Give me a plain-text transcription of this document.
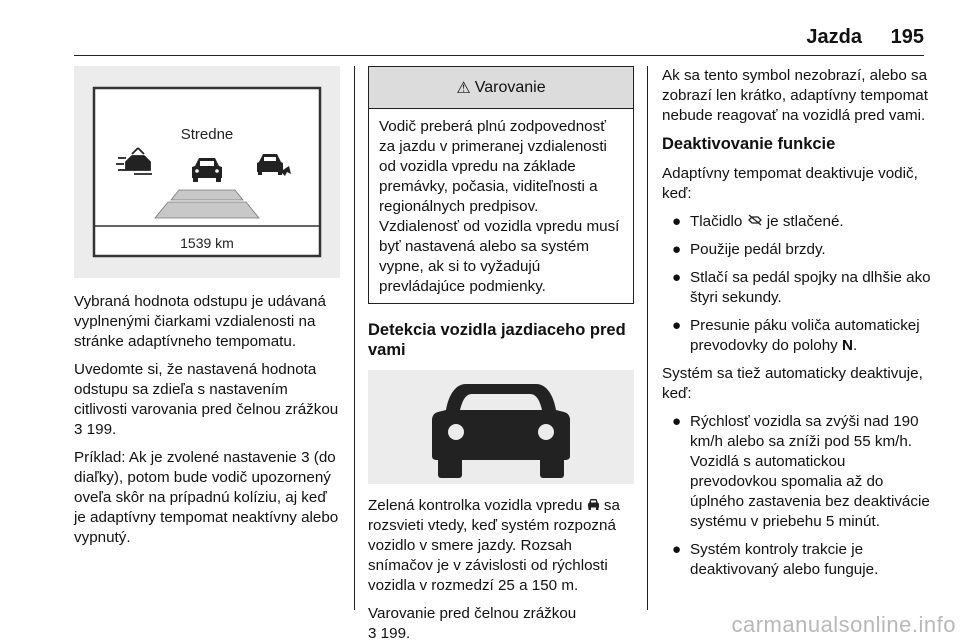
Jazda 195
Stredne
1539 km

Vybraná hodnota odstupu je udávaná vyplnenými čiarkami vzdialenosti na stránke adaptívneho tempomatu.

Uvedomte si, že nastavená hodnota odstupu sa zdieľa s nastavením citlivosti varovania pred čelnou zrážkou 3 199.

Príklad: Ak je zvolené nastavenie 3 (do diaľky), potom bude vodič upozornený oveľa skôr na prípadnú kolíziu, aj keď je adaptívny tempomat neaktívny alebo vypnutý.

⚠ Varovanie

Vodič preberá plnú zodpovednosť za jazdu v primeranej vzdialenosti od vozidla vpredu na základe premávky, počasia, viditeľnosti a regionálnych predpisov.

Vzdialenosť od vozidla vpredu musí byť nastavená alebo sa systém vypne, ak si to vyžadujú prevládajúce podmienky.

Detekcia vozidla jazdiaceho pred vami

Zelená kontrolka vozidla vpredu  sa rozsvieti vtedy, keď systém rozpozná vozidlo v smere jazdy. Rozsah snímačov je v závislosti od rýchlosti vozidla v rozmedzí 25 a 150 m.

Varovanie pred čelnou zrážkou
3 199.

Ak sa tento symbol nezobrazí, alebo sa zobrazí len krátko, adaptívny tempomat nebude reagovať na vozidlá pred vami.

Deaktivovanie funkcie

Adaptívny tempomat deaktivuje vodič, keď:

● Tlačidlo  je stlačené.
● Použije pedál brzdy.
● Stlačí sa pedál spojky na dlhšie ako štyri sekundy.
● Presunie páku voliča automatickej prevodovky do polohy N.

Systém sa tiež automaticky deaktivuje, keď:

● Rýchlosť vozidla sa zvýši nad 190 km/h alebo sa zníži pod 55 km/h. Vozidlá s automatickou prevodovkou spomalia až do úplného zastavenia bez deaktivácie systému v priebehu 5 minút.
● Systém kontroly trakcie je deaktivovaný alebo funguje.
carmanualsonline.info
